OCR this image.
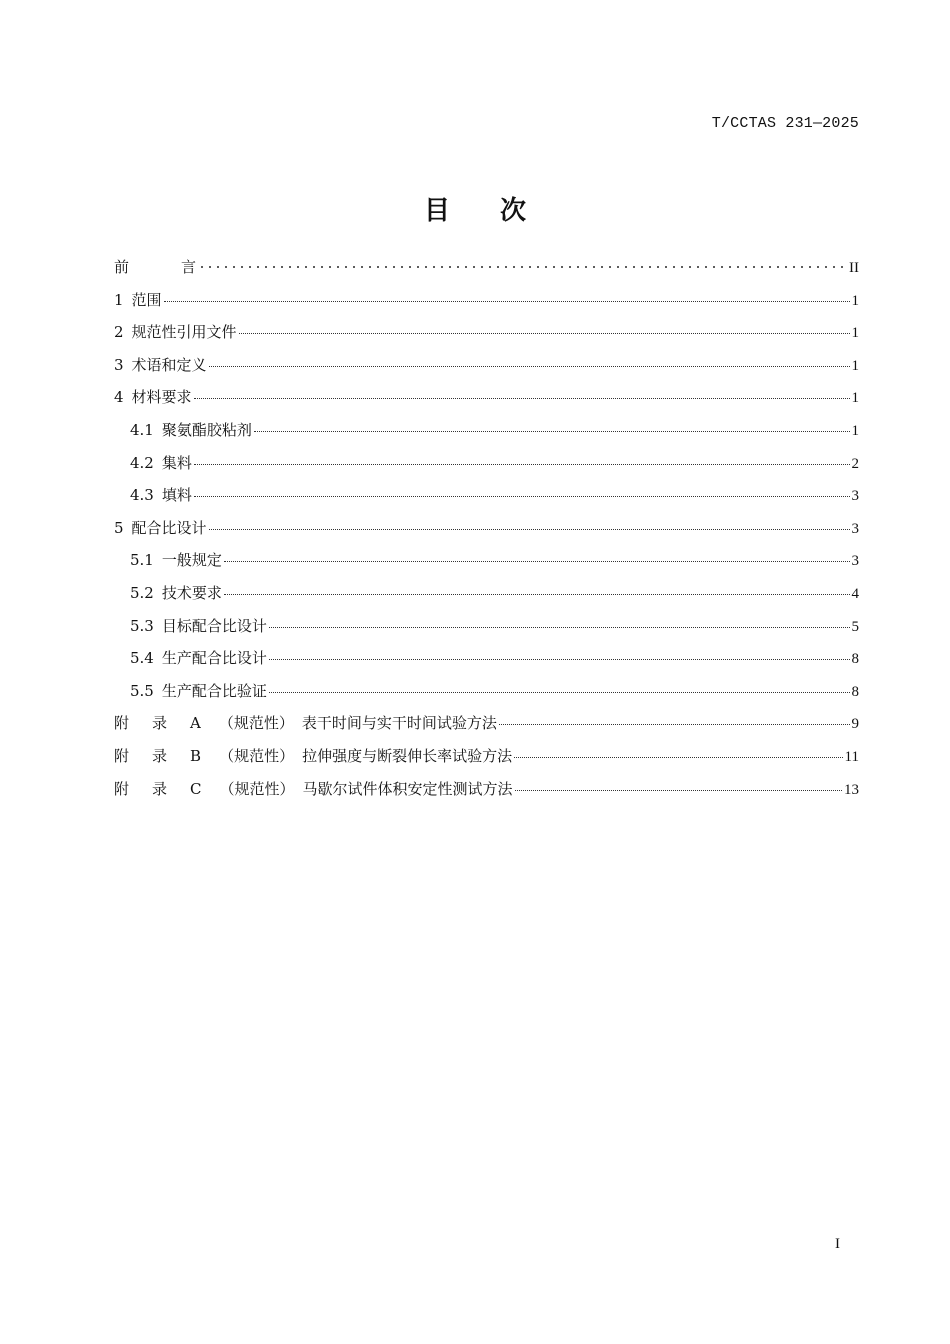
T/CCTAS 231—2025
目 次
前	言	II
1 范围	1
2 规范性引用文件	1
3 术语和定义	1
4 材料要求	1
4.1 聚氨酯胶粘剂	1
4.2 集料	2
4.3 填料	3
5 配合比设计	3
5.1 一般规定	3
5.2 技术要求	4
5.3 目标配合比设计	5
5.4 生产配合比设计	8
5.5 生产配合比验证	8
附 录 A （规范性） 表干时间与实干时间试验方法	9
附 录 B （规范性） 拉伸强度与断裂伸长率试验方法	11
附 录 C （规范性） 马歇尔试件体积安定性测试方法	13
I
